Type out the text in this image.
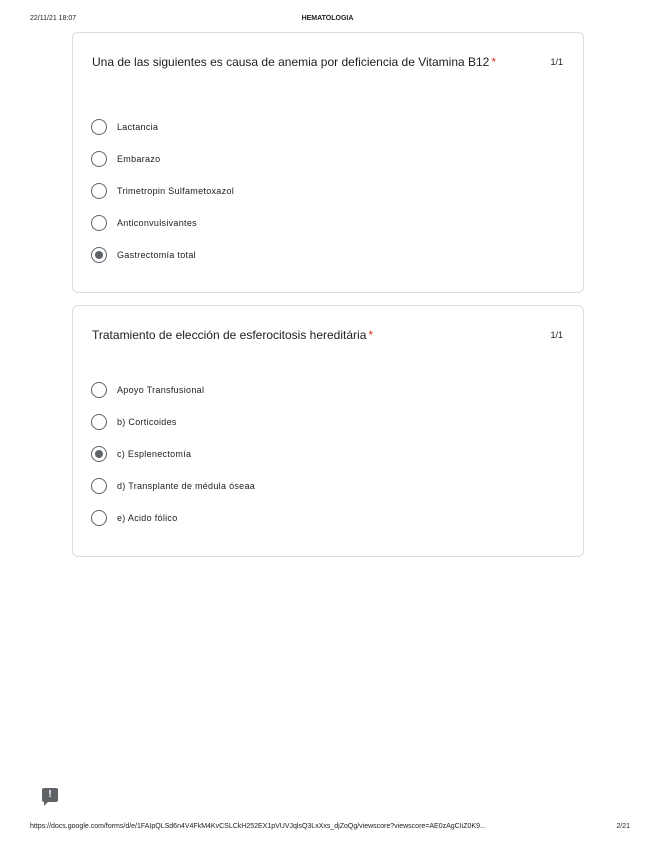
22/11/21 18:07	HEMATOLOGIA
Una de las siguientes es causa de anemia por deficiencia de Vitamina B12 *	1/1
Lactancia
Embarazo
Trimetropin Sulfametoxazol
Anticonvulsivantes
Gastrectomía total
Tratamiento de elección de esferocitosis hereditária *	1/1
Apoyo Transfusional
b) Corticoides
c) Esplenectomía
d) Transplante de médula óseaa
e) Acido fólico
!
https://docs.google.com/forms/d/e/1FAIpQLSd6n4V4FkM4KvCSLCkH252EX1pVUVJqlsQ3LxXxs_djZoQg/viewscore?viewscore=AE0zAgCIiZ0K9...	2/21
